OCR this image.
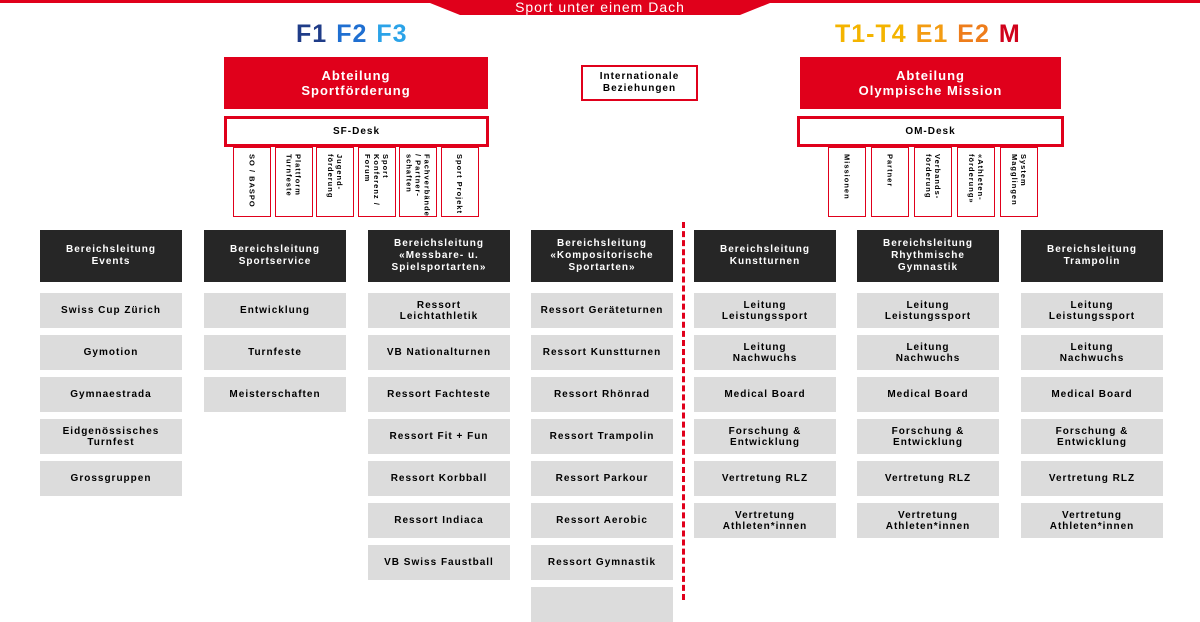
Sport unter einem Dach
F1 F2 F3	T1-T4 E1 E2 M
Abteilung
Sportförderung
Abteilung
Olympische Mission
Internationale
Beziehungen
SF-Desk	OM-Desk
SO / BASPO	Plattform
Turnfeste	Jugend-
förderung	Sport
Konferenz /
Forum	Fachverbände
/ Partner-
schaften	Sport Projekt	Missionen	Partner	Verbands-
förderung	«Athleten-
förderung»	System
Magglingen
Bereichsleitung
Events
Swiss Cup Zürich
Gymotion
Gymnaestrada
Eidgenössisches
Turnfest
Grossgruppen
Bereichsleitung
Sportservice
Entwicklung
Turnfeste
Meisterschaften
Bereichsleitung
«Messbare- u.
Spielsportarten»
Ressort
Leichtathletik
VB Nationalturnen
Ressort Fachteste
Ressort Fit + Fun
Ressort Korbball
Ressort Indiaca
VB Swiss Faustball
Bereichsleitung
«Kompositorische
Sportarten»
Ressort Geräteturnen
Ressort Kunstturnen
Ressort Rhönrad
Ressort Trampolin
Ressort Parkour
Ressort Aerobic
Ressort Gymnastik
Bereichsleitung
Kunstturnen
Leitung
Leistungssport
Leitung
Nachwuchs
Medical Board
Forschung &
Entwicklung
Vertretung RLZ
Vertretung
Athleten*innen
Bereichsleitung
Rhythmische
Gymnastik
Leitung
Leistungssport
Leitung
Nachwuchs
Medical Board
Forschung &
Entwicklung
Vertretung RLZ
Vertretung
Athleten*innen
Bereichsleitung
Trampolin
Leitung
Leistungssport
Leitung
Nachwuchs
Medical Board
Forschung &
Entwicklung
Vertretung RLZ
Vertretung
Athleten*innen
